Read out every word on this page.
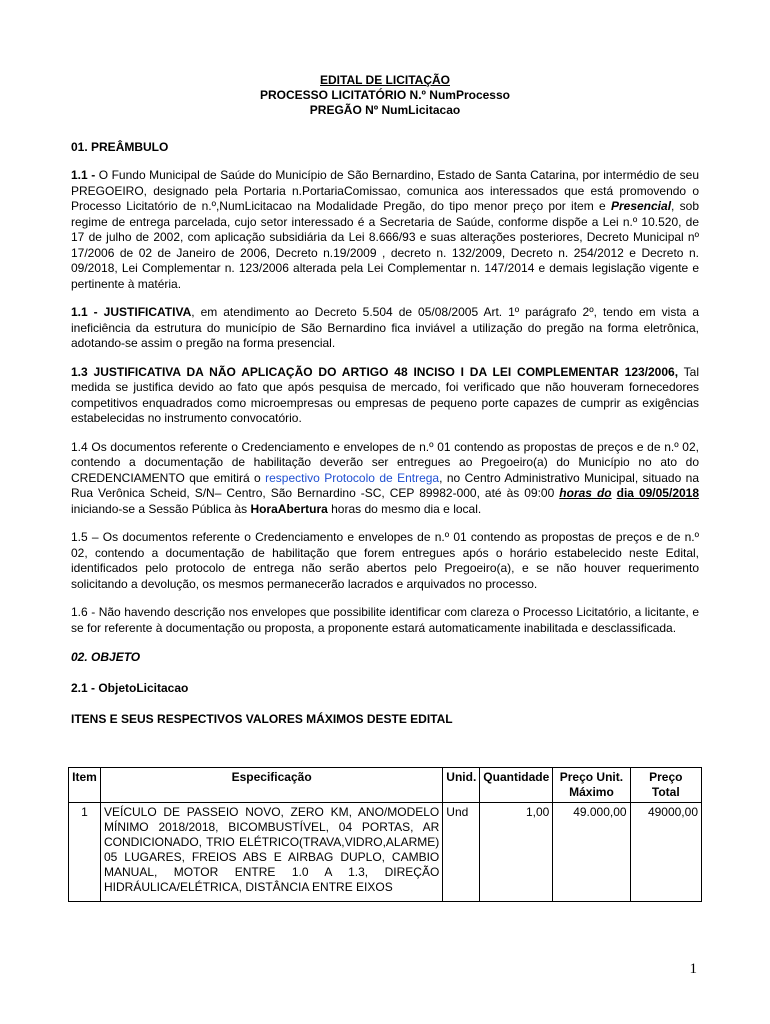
EDITAL DE LICITAÇÃO
PROCESSO LICITATÓRIO N.º NumProcesso
PREGÃO Nº NumLicitacao
01. PREÂMBULO

1.1 - O Fundo Municipal de Saúde do Município de São Bernardino, Estado de Santa Catarina, por intermédio de seu PREGOEIRO, designado pela Portaria n.PortariaComissao, comunica aos interessados que está promovendo o Processo Licitatório de n.º,NumLicitacao na Modalidade Pregão, do tipo menor preço por item e Presencial, sob regime de entrega parcelada, cujo setor interessado é a Secretaria de Saúde, conforme dispõe a Lei n.º 10.520, de 17 de julho de 2002, com aplicação subsidiária da Lei 8.666/93 e suas alterações posteriores, Decreto Municipal nº 17/2006 de 02 de Janeiro de 2006, Decreto n.19/2009 , decreto n. 132/2009, Decreto n. 254/2012 e Decreto n. 09/2018, Lei Complementar n. 123/2006 alterada pela Lei Complementar n. 147/2014 e demais legislação vigente e pertinente à matéria.

1.1 - JUSTIFICATIVA, em atendimento ao Decreto 5.504 de 05/08/2005 Art. 1º parágrafo 2º, tendo em vista a ineficiência da estrutura do município de São Bernardino fica inviável a utilização do pregão na forma eletrônica, adotando-se assim o pregão na forma presencial.

1.3 JUSTIFICATIVA DA NÃO APLICAÇÃO DO ARTIGO 48 INCISO I DA LEI COMPLEMENTAR 123/2006, Tal medida se justifica devido ao fato que após pesquisa de mercado, foi verificado que não houveram fornecedores competitivos enquadrados como microempresas ou empresas de pequeno porte capazes de cumprir as exigências estabelecidas no instrumento convocatório.

1.4 Os documentos referente o Credenciamento e envelopes de n.º 01 contendo as propostas de preços e de n.º 02, contendo a documentação de habilitação deverão ser entregues ao Pregoeiro(a) do Município no ato do CREDENCIAMENTO que emitirá o respectivo Protocolo de Entrega, no Centro Administrativo Municipal, situado na Rua Verônica Scheid, S/N– Centro, São Bernardino -SC, CEP 89982-000, até às 09:00 horas do dia 09/05/2018 iniciando-se a Sessão Pública às HoraAbertura horas do mesmo dia e local.

1.5 – Os documentos referente o Credenciamento e envelopes de n.º 01 contendo as propostas de preços e de n.º 02, contendo a documentação de habilitação que forem entregues após o horário estabelecido neste Edital, identificados pelo protocolo de entrega não serão abertos pelo Pregoeiro(a), e se não houver requerimento solicitando a devolução, os mesmos permanecerão lacrados e arquivados no processo.

1.6 - Não havendo descrição nos envelopes que possibilite identificar com clareza o Processo Licitatório, a licitante, e se for referente à documentação ou proposta, a proponente estará automaticamente inabilitada e desclassificada.

02. OBJETO
2.1 - ObjetoLicitacao
ITENS E SEUS RESPECTIVOS VALORES MÁXIMOS DESTE EDITAL
Item	Especificação	Unid.	Quantidade	Preço Unit. Máximo	Preço Total
1	VEÍCULO DE PASSEIO NOVO, ZERO KM, ANO/MODELO MÍNIMO 2018/2018, BICOMBUSTÍVEL, 04 PORTAS, AR CONDICIONADO, TRIO ELÉTRICO(TRAVA,VIDRO,ALARME) 05 LUGARES, FREIOS ABS E AIRBAG DUPLO, CAMBIO MANUAL, MOTOR ENTRE 1.0 A 1.3, DIREÇÃO HIDRÁULICA/ELÉTRICA, DISTÂNCIA ENTRE EIXOS	Und	1,00	49.000,00	49000,00
1
